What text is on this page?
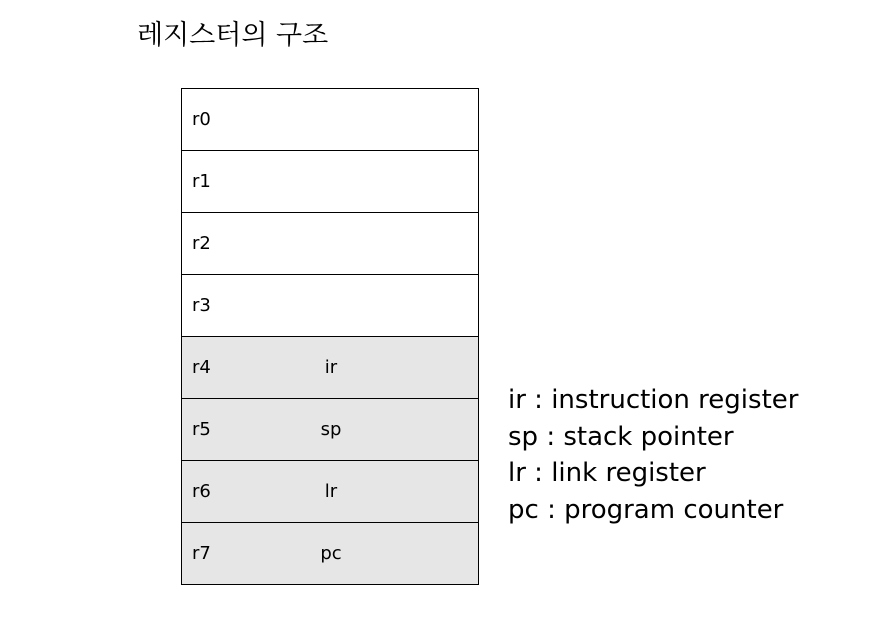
레지스터의 구조
r0
r1
r2
r3
r4	ir
r5	sp
r6	lr
r7	pc
ir : instruction register
sp : stack pointer
lr : link register
pc : program counter
